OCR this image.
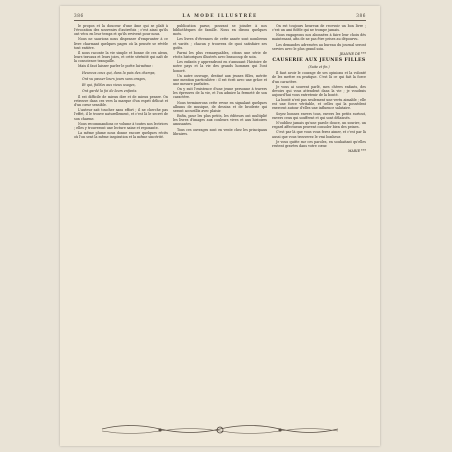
386	LA MODE ILLUSTRÉE	386

le propos et la douceur d'une âme qui se plaît à l'évocation des souvenirs d'autrefois ; c'est ainsi qu'ils ont vécu en leur temps et qu'ils revivent pour nous.

Nous ne saurions nous dispenser d'emprunter à ce livre charmant quelques pages où la pensée se révèle tout entière.

Il nous raconte la vie simple et bonne de ces aïeux, leurs travaux et leurs joies, et cette sérénité qui naît de la conscience tranquille.

Mais il faut laisser parler le poète lui-même :

Heureux ceux qui, dans la paix des champs,

Ont vu passer leurs jours sans orages,

Et qui, fidèles aux vieux usages,

Ont gardé la foi de leurs enfants.

Il est difficile de mieux dire et de mieux penser. On retrouve dans ces vers la marque d'un esprit délicat et d'un cœur sensible.

L'auteur sait toucher sans effort ; il ne cherche pas l'effet, il le trouve naturellement, et c'est là le secret de son charme.

Nous recommandons ce volume à toutes nos lectrices ; elles y trouveront une lecture saine et reposante.

La même plume nous donne encore quelques récits où l'on sent la même inspiration et la même sincérité.

publication parue, pouvant se joindre à nos bibliothèques de famille. Nous en dirons quelques mots.

Les livres d'étrennes de cette année sont nombreux et variés ; chacun y trouvera de quoi satisfaire ses goûts.

Parmi les plus remarquables, citons une série de récits historiques illustrés avec beaucoup de soin.

Les enfants y apprendront en s'amusant l'histoire de notre pays et la vie des grands hommes qui l'ont honoré.

Un autre ouvrage, destiné aux jeunes filles, mérite une mention particulière : il est écrit avec une grâce et une mesure parfaites.

On y suit l'existence d'une jeune personne à travers les épreuves de la vie, et l'on admire la fermeté de son caractère.

Nous terminerons cette revue en signalant quelques albums de musique, de dessins et de broderie qui seront accueillis avec plaisir.

Enfin, pour les plus petits, les éditeurs ont multiplié les livres d'images aux couleurs vives et aux histoires amusantes.

Tous ces ouvrages sont en vente chez les principaux libraires.

On est toujours heureux de recevoir un bon livre ; c'est un ami fidèle qui ne trompe jamais.

Nous engageons nos abonnées à faire leur choix dès maintenant, afin de ne pas être prises au dépourvu.

Les demandes adressées au bureau du journal seront servies avec le plus grand soin.

JEANNE DE ***
CAUSERIE AUX JEUNES FILLES
(Suite et fin.)

Il faut avoir le courage de ses opinions et la volonté de les mettre en pratique. C'est là ce qui fait la force d'un caractère.

Je vous ai souvent parlé, mes chères enfants, des devoirs qui vous attendent dans la vie ; je voudrais aujourd'hui vous entretenir de la bonté.

La bonté n'est pas seulement une vertu aimable ; elle est une force véritable, et celles qui la possèdent exercent autour d'elles une influence salutaire.

Soyez bonnes envers tous, envers les petits surtout, envers ceux qui souffrent et qui sont délaissés.

N'oubliez jamais qu'une parole douce, un sourire, un regard affectueux peuvent consoler bien des peines.

C'est par là que vous vous ferez aimer, et c'est par là aussi que vous trouverez le vrai bonheur.

Je vous quitte sur ces paroles, en souhaitant qu'elles restent gravées dans votre cœur.

MARIE ***
